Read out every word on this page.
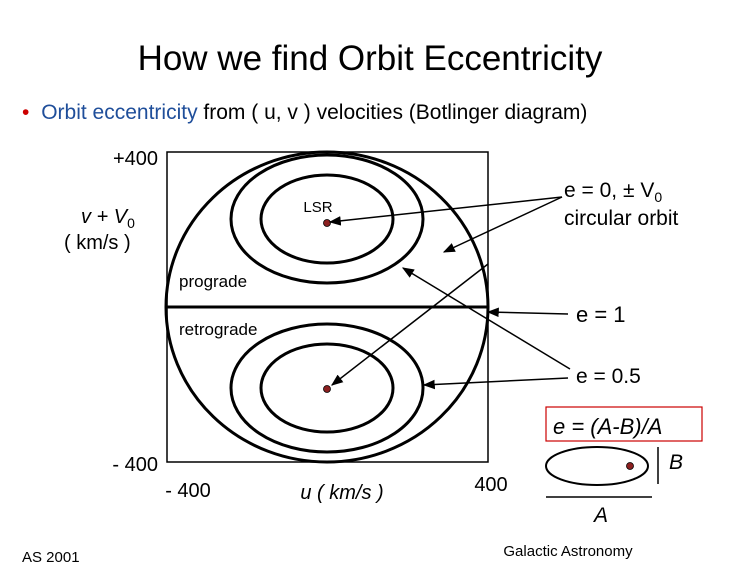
How we find Orbit Eccentricity
• Orbit eccentricity from ( u, v ) velocities (Botlinger diagram)
LSR
prograde
retrograde
+400
- 400
$v + V_0$
( km/s )
- 400	400
u ( km/s )
e = 0, ± $V_0$
circular orbit
e = 1
e = 0.5
e = (A-B)/A
B
A
AS 2001	Galactic Astronomy
